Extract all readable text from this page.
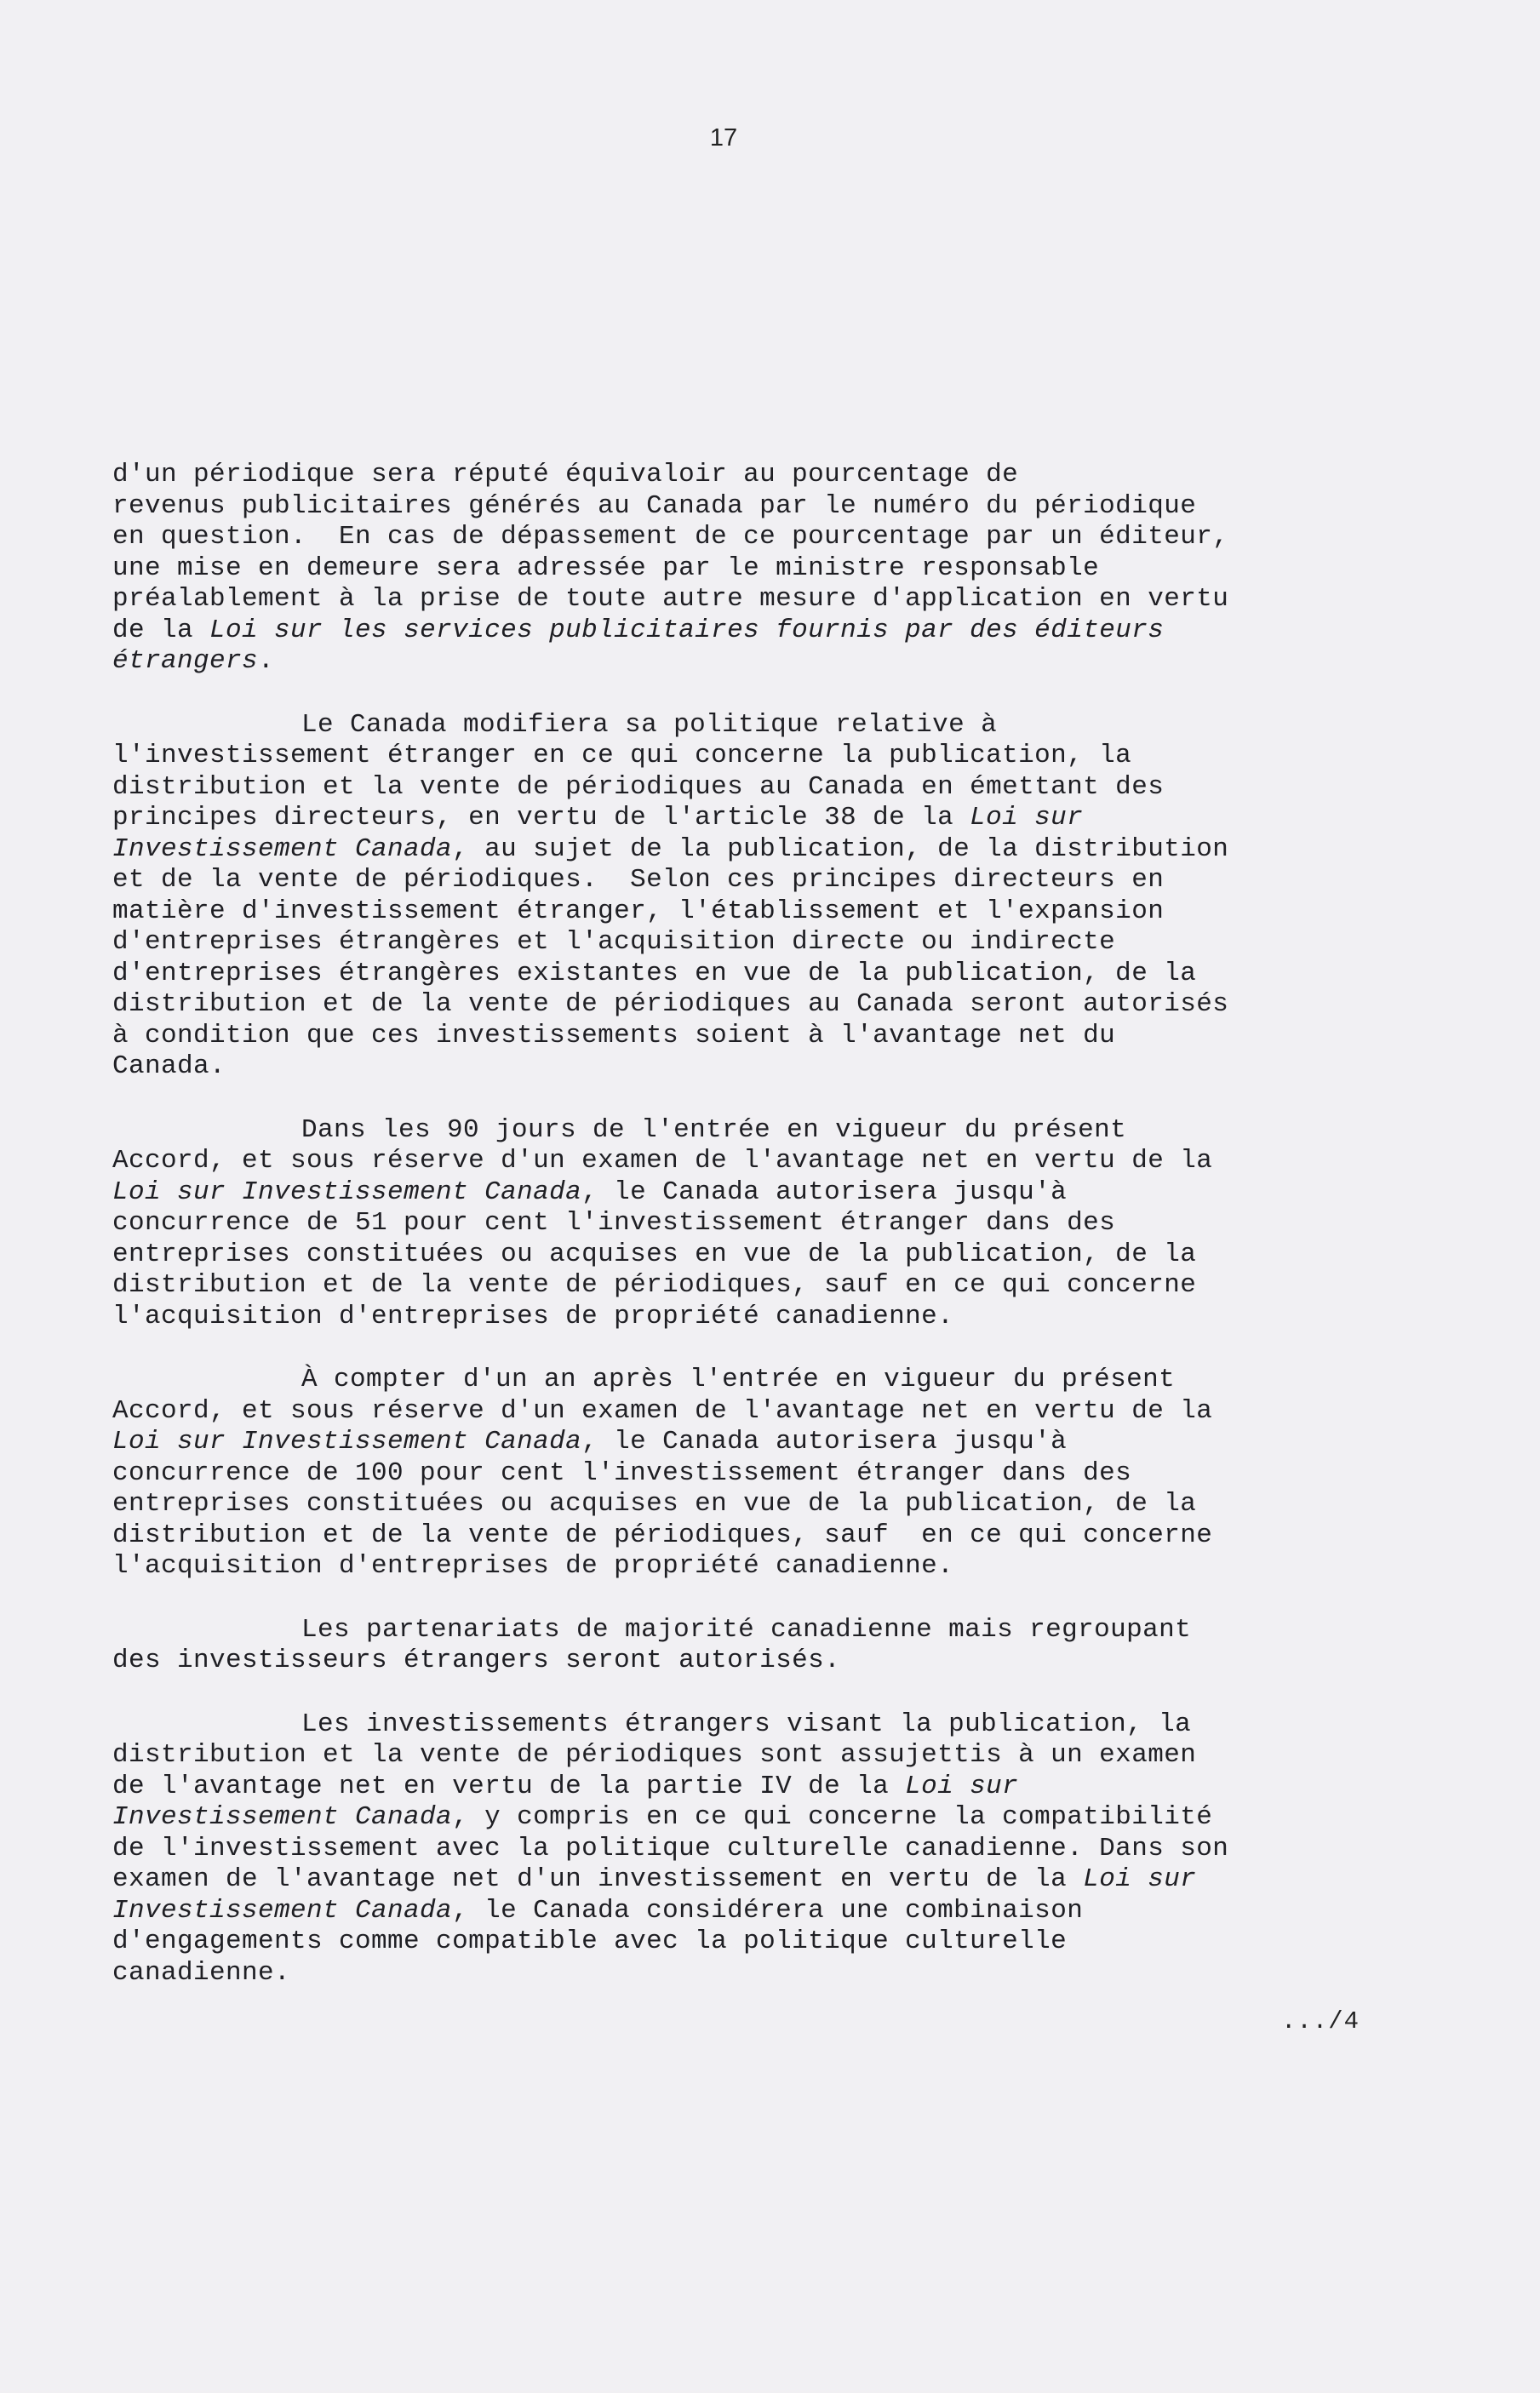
17

d'un périodique sera réputé équivaloir au pourcentage de
revenus publicitaires générés au Canada par le numéro du périodique
en question.  En cas de dépassement de ce pourcentage par un éditeur,
une mise en demeure sera adressée par le ministre responsable
préalablement à la prise de toute autre mesure d'application en vertu
de la Loi sur les services publicitaires fournis par des éditeurs
étrangers.

Le Canada modifiera sa politique relative à
l'investissement étranger en ce qui concerne la publication, la
distribution et la vente de périodiques au Canada en émettant des
principes directeurs, en vertu de l'article 38 de la Loi sur
Investissement Canada, au sujet de la publication, de la distribution
et de la vente de périodiques.  Selon ces principes directeurs en
matière d'investissement étranger, l'établissement et l'expansion
d'entreprises étrangères et l'acquisition directe ou indirecte
d'entreprises étrangères existantes en vue de la publication, de la
distribution et de la vente de périodiques au Canada seront autorisés
à condition que ces investissements soient à l'avantage net du
Canada.

Dans les 90 jours de l'entrée en vigueur du présent
Accord, et sous réserve d'un examen de l'avantage net en vertu de la
Loi sur Investissement Canada, le Canada autorisera jusqu'à
concurrence de 51 pour cent l'investissement étranger dans des
entreprises constituées ou acquises en vue de la publication, de la
distribution et de la vente de périodiques, sauf en ce qui concerne
l'acquisition d'entreprises de propriété canadienne.

À compter d'un an après l'entrée en vigueur du présent
Accord, et sous réserve d'un examen de l'avantage net en vertu de la
Loi sur Investissement Canada, le Canada autorisera jusqu'à
concurrence de 100 pour cent l'investissement étranger dans des
entreprises constituées ou acquises en vue de la publication, de la
distribution et de la vente de périodiques, sauf  en ce qui concerne
l'acquisition d'entreprises de propriété canadienne.

Les partenariats de majorité canadienne mais regroupant
des investisseurs étrangers seront autorisés.

Les investissements étrangers visant la publication, la
distribution et la vente de périodiques sont assujettis à un examen
de l'avantage net en vertu de la partie IV de la Loi sur
Investissement Canada, y compris en ce qui concerne la compatibilité
de l'investissement avec la politique culturelle canadienne. Dans son
examen de l'avantage net d'un investissement en vertu de la Loi sur
Investissement Canada, le Canada considérera une combinaison
d'engagements comme compatible avec la politique culturelle
canadienne.

.../4
